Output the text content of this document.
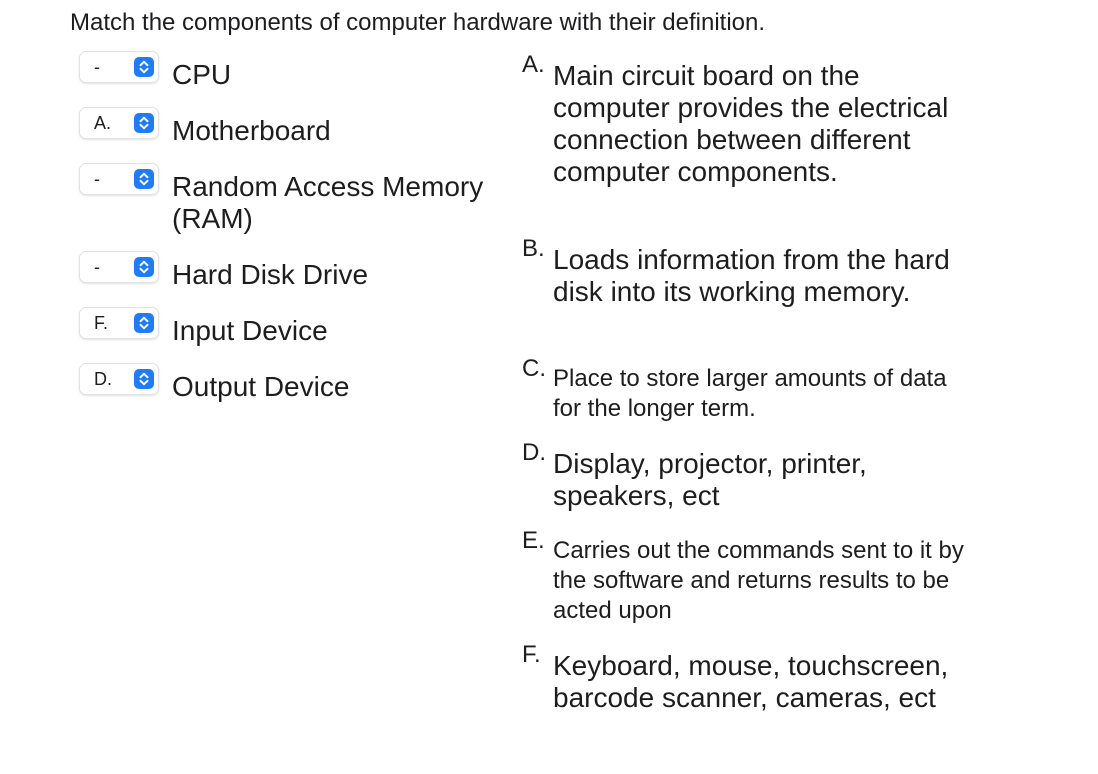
Match the components of computer hardware with their definition.
-	CPU
A. Motherboard
-	Random Access Memory (RAM)
-	Hard Disk Drive
F. Input Device
D. Output Device
A. Main circuit board on the computer provides the electrical connection between different computer components.
B. Loads information from the hard disk into its working memory.
C. Place to store larger amounts of data for the longer term.
D. Display, projector, printer, speakers, ect
E. Carries out the commands sent to it by the software and returns results to be acted upon
F. Keyboard, mouse, touchscreen, barcode scanner, cameras, ect
